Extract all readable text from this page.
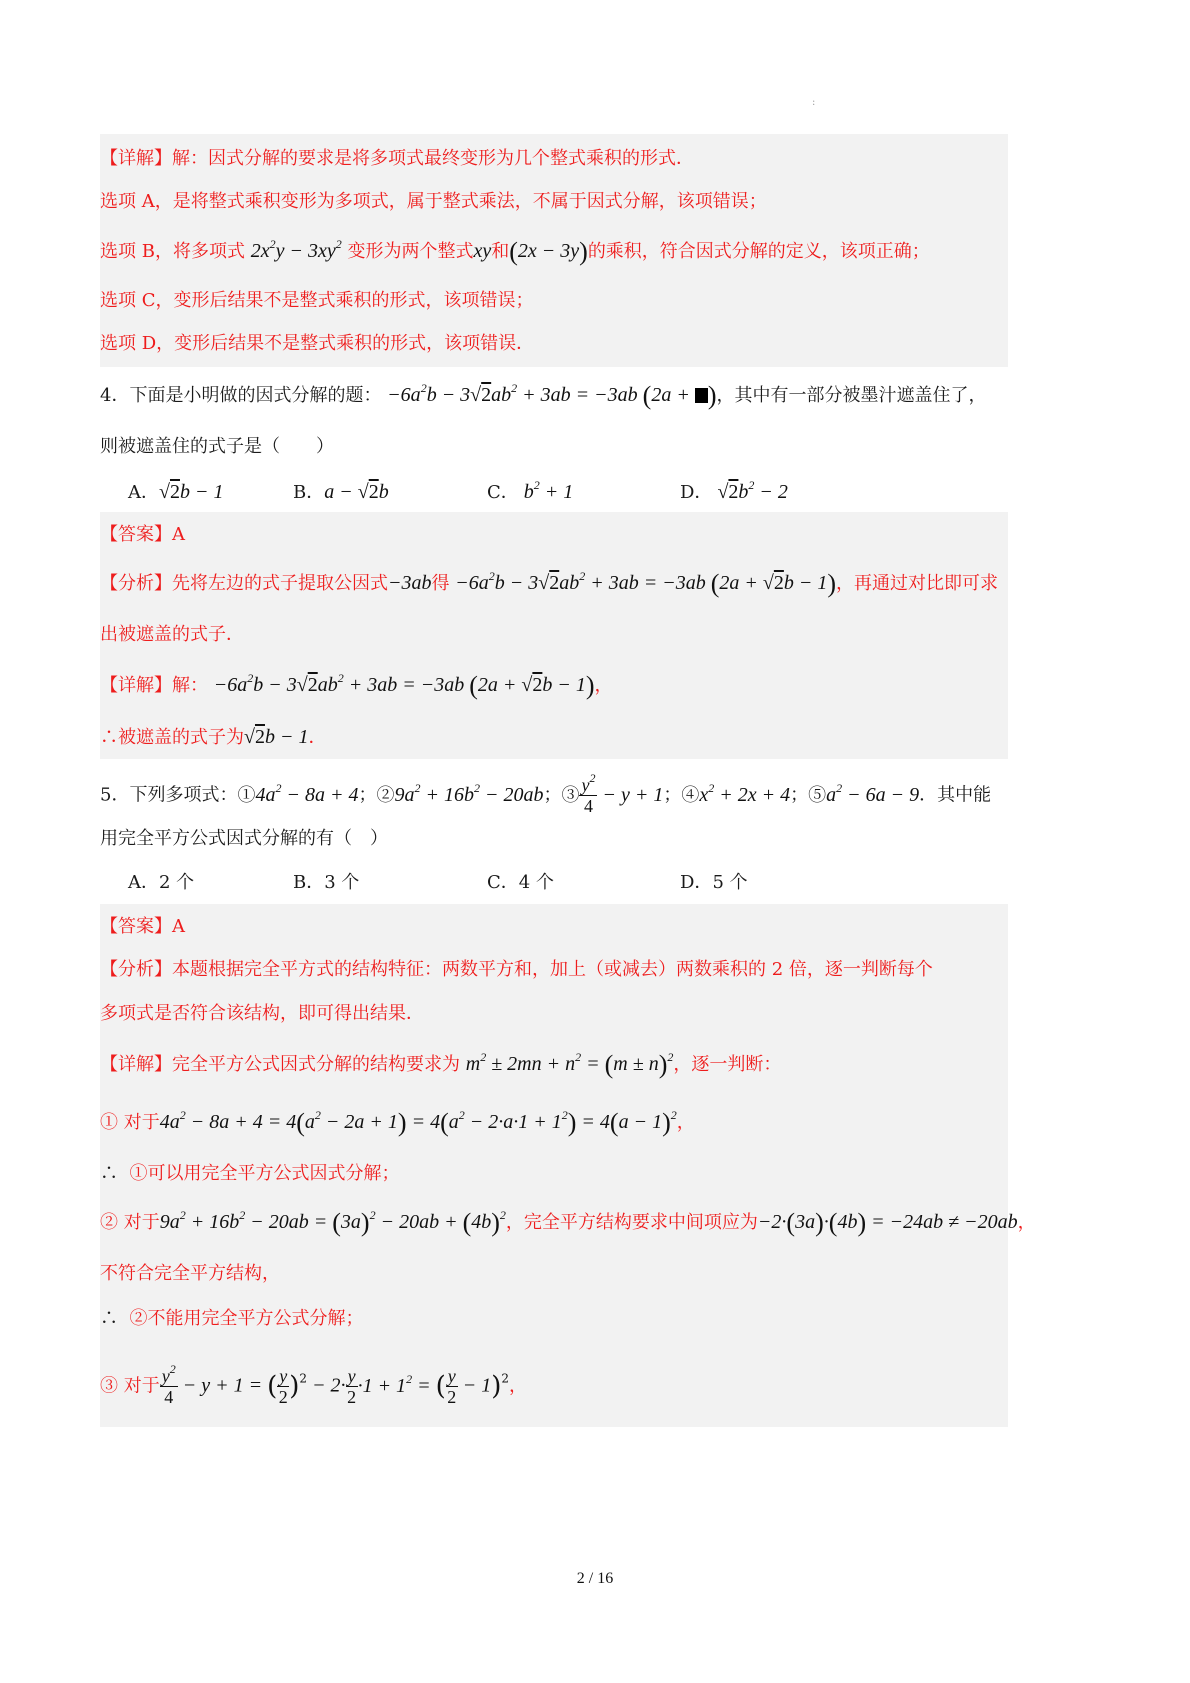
:
【详解】解：因式分解的要求是将多项式最终变形为几个整式乘积的形式．
选项 A，是将整式乘积变形为多项式，属于整式乘法，不属于因式分解，该项错误；
选项 B，将多项式 $2x^2y - 3xy^2$ 变形为两个整式xy和(2x − 3y)的乘积，符合因式分解的定义，该项正确；
选项 C，变形后结果不是整式乘积的形式，该项错误；
选项 D，变形后结果不是整式乘积的形式，该项错误．
4．下面是小明做的因式分解的题： $-6a^2b - 3√2ab^2 + 3ab = -3ab$ (2a + )，其中有一部分被墨汁遮盖住了，
则被遮盖住的式子是（　　）
A．√2b − 1	B．a − √2b	C． $b^2 + 1$	D． $√2b^2 - 2$
【答案】A
【分析】先将左边的式子提取公因式−3ab得 $-6a^2b - 3√2ab^2 + 3ab = -3ab$ (2a + √2b − 1)，再通过对比即可求
出被遮盖的式子．
【详解】解： $-6a^2b - 3√2ab^2 + 3ab = -3ab$ (2a + √2b − 1)，
∴被遮盖的式子为√2b − 1．
5．下列多项式：$①4a^2 - 8a + 4$；$②9a^2 + 16b^2 - 20ab$；③ $\frac{y^2}{4} - y + 1$；$④x^2 + 2x + 4$；$⑤a^2 - 6a - 9$．其中能
用完全平方公式因式分解的有（　）
A．2 个	B．3 个	C．4 个	D．5 个
【答案】A
【分析】本题根据完全平方式的结构特征：两数平方和，加上（或减去）两数乘积的 2 倍，逐一判断每个
多项式是否符合该结构，即可得出结果．
【详解】完全平方公式因式分解的结构要求为 $m^2 \pm 2mn + n^2 = (m \pm n)^2$，逐一判断：
① 对于$4a^2 - 8a + 4 = 4(a^2 - 2a + 1) = 4(a^2 - 2\cdot a\cdot 1 + 1^2) = 4(a - 1)^2$，
∴ ①可以用完全平方公式因式分解；
② 对于$9a^2 + 16b^2 - 20ab = (3a)^2 - 20ab + (4b)^2$，完全平方结构要求中间项应为−2·(3a)·(4b) = −24ab ≠ −20ab，
不符合完全平方结构，
∴ ②不能用完全平方公式分解；
③ 对于 $\frac{y^2}{4} - y + 1$ = ( $\frac{y}{2} )^2 - 2\cdot \frac{y}{2} \cdot 1 + 1^2$ = ( $\frac{y}{2} - 1)^2$，
2 / 16
